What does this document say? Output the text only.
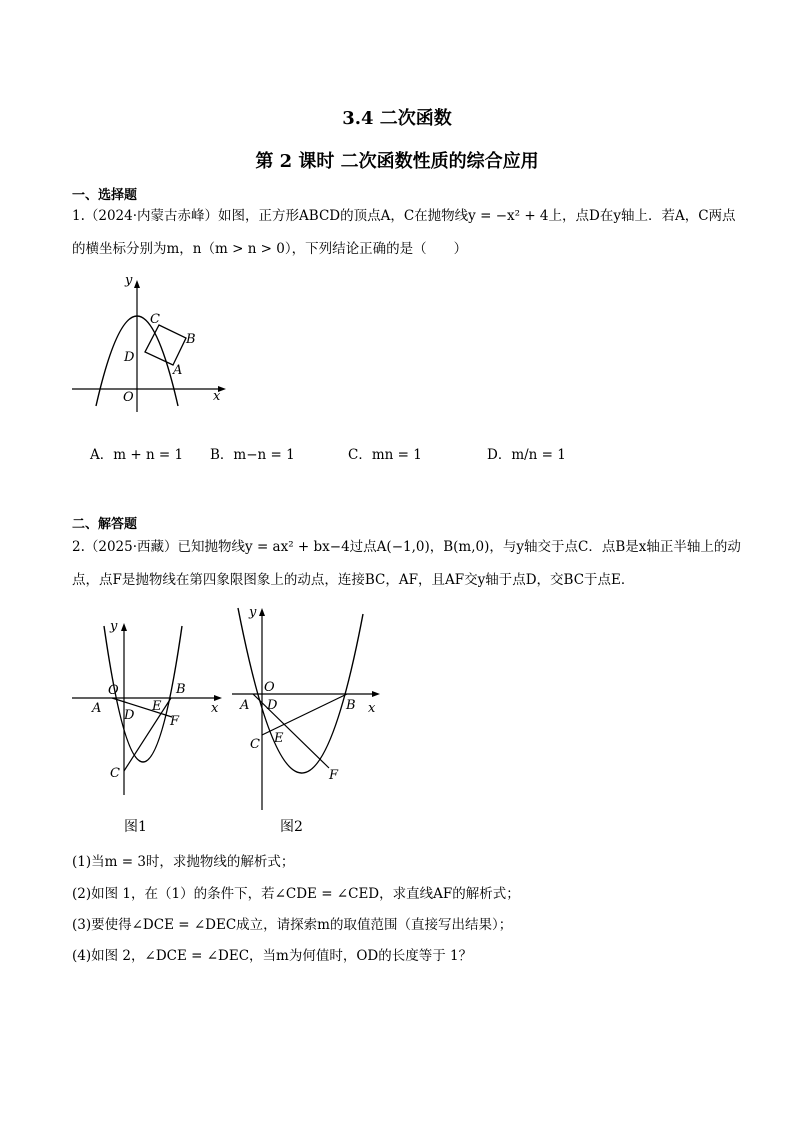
3.4 二次函数
第 2 课时 二次函数性质的综合应用
一、选择题
1.（2024·内蒙古赤峰）如图，正方形ABCD的顶点A，C在抛物线y = −x² + 4上，点D在y轴上．若A，C两点
的横坐标分别为m，n（m > n > 0），下列结论正确的是（　　）
y
x
O
C
B
D
A
A．m + n = 1 B．m−n = 1	C．mn = 1	D．m/n = 1
二、解答题
2.（2025·西藏）已知抛物线y = ax² + bx−4过点A(−1,0)，B(m,0)，与y轴交于点C．点B是x轴正半轴上的动
点，点F是抛物线在第四象限图象上的动点，连接BC，AF，且AF交y轴于点D，交BC于点E．
y
x
O	B
A D
E
F
C
图1
y
x
O
A D	B
C E
F
图2
(1)当m = 3时，求抛物线的解析式；
(2)如图 1，在（1）的条件下，若∠CDE = ∠CED，求直线AF的解析式；
(3)要使得∠DCE = ∠DEC成立，请探索m的取值范围（直接写出结果）；
(4)如图 2，∠DCE = ∠DEC，当m为何值时，OD的长度等于 1？
